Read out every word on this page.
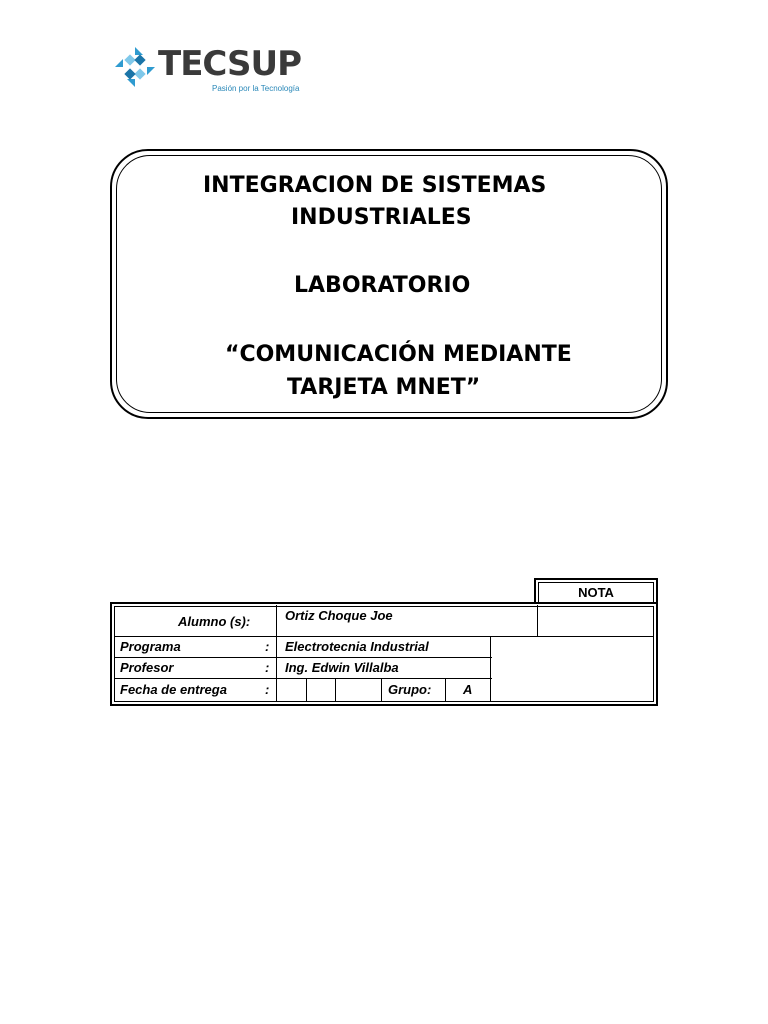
TECSUP
Pasión por la Tecnología
INTEGRACION DE SISTEMAS
INDUSTRIALES
LABORATORIO
“COMUNICACIÓN MEDIANTE
TARJETA MNET”
NOTA
Alumno (s):	Ortiz Choque Joe
Programa	: Electrotecnia Industrial
Profesor	: Ing. Edwin Villalba
Fecha de entrega	:	Grupo: A
